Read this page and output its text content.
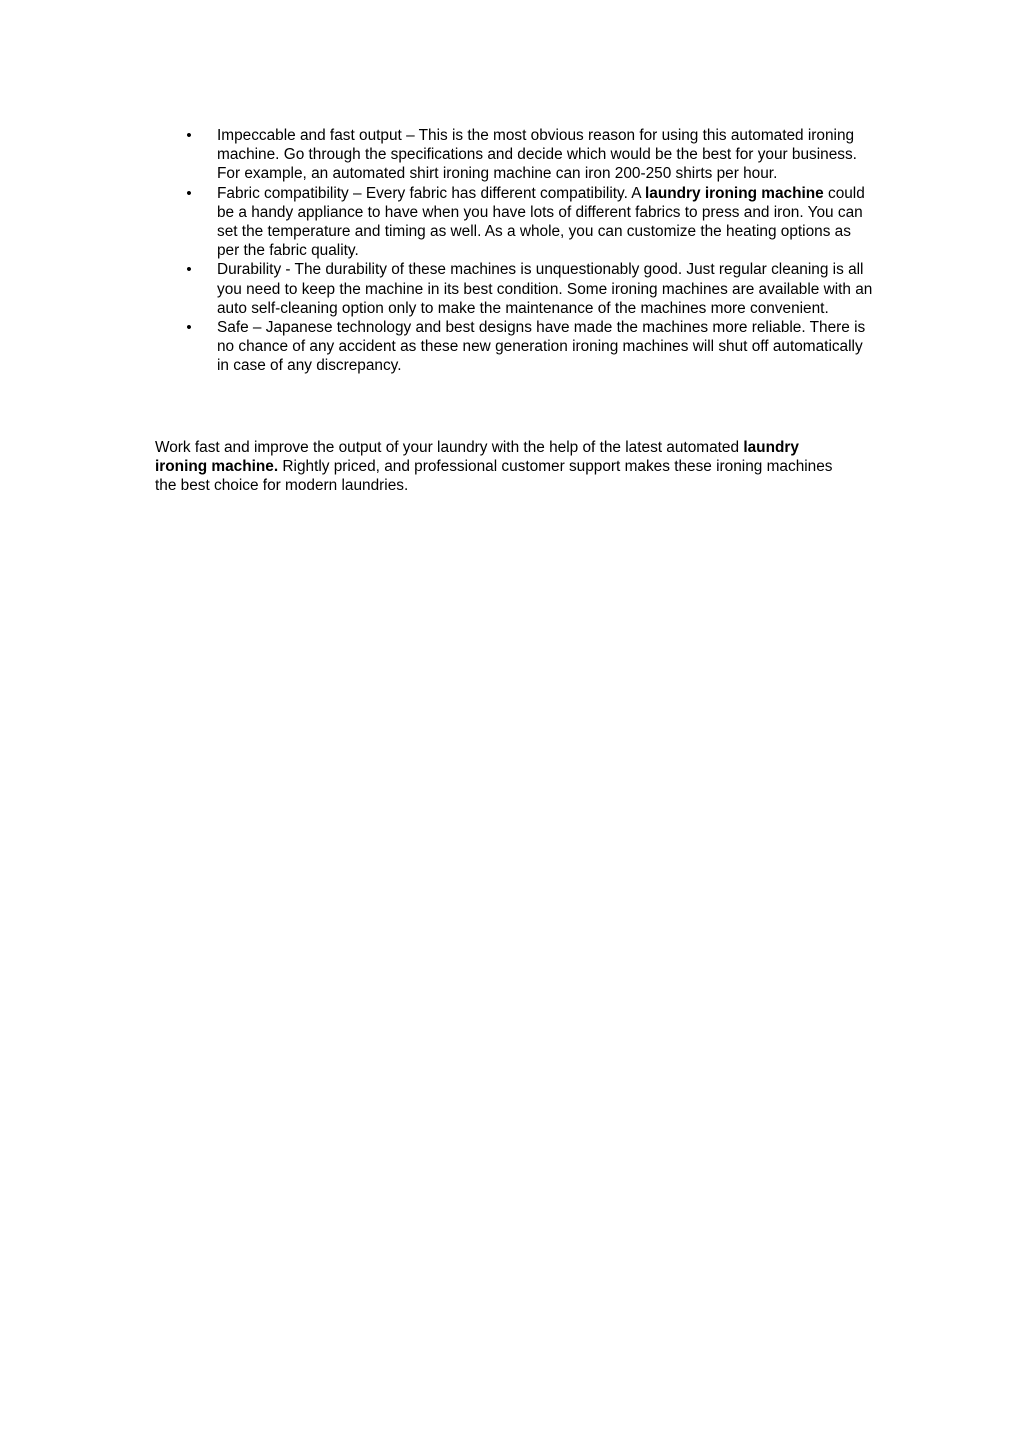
• Impeccable and fast output – This is the most obvious reason for using this automated ironing machine. Go through the specifications and decide which would be the best for your business. For example, an automated shirt ironing machine can iron 200-250 shirts per hour.
• Fabric compatibility – Every fabric has different compatibility. A laundry ironing machine could be a handy appliance to have when you have lots of different fabrics to press and iron. You can set the temperature and timing as well. As a whole, you can customize the heating options as per the fabric quality.
• Durability - The durability of these machines is unquestionably good. Just regular cleaning is all you need to keep the machine in its best condition. Some ironing machines are available with an auto self-cleaning option only to make the maintenance of the machines more convenient.
• Safe – Japanese technology and best designs have made the machines more reliable. There is no chance of any accident as these new generation ironing machines will shut off automatically in case of any discrepancy.

Work fast and improve the output of your laundry with the help of the latest automated laundry ironing machine. Rightly priced, and professional customer support makes these ironing machines the best choice for modern laundries.
